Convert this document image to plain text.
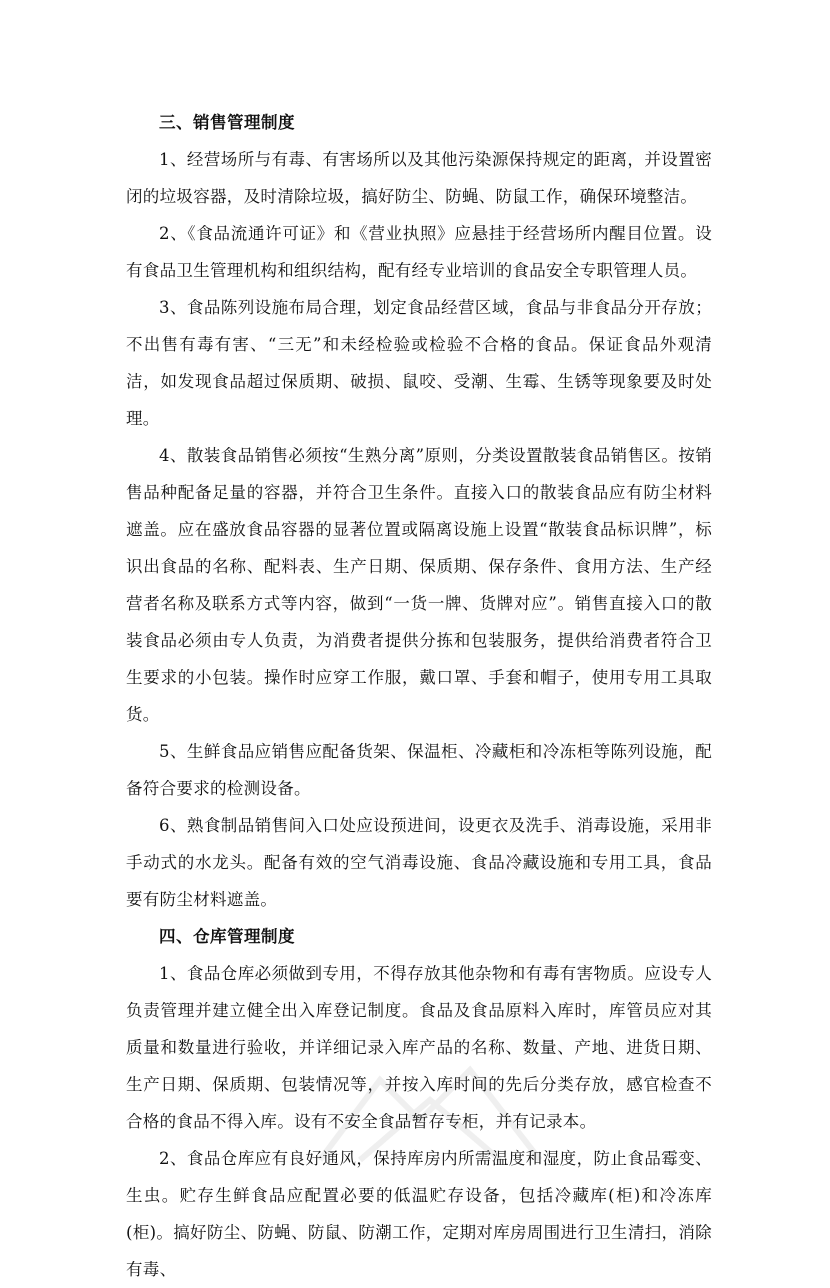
三、销售管理制度

1、经营场所与有毒、有害场所以及其他污染源保持规定的距离，并设置密闭的垃圾容器，及时清除垃圾，搞好防尘、防蝇、防鼠工作，确保环境整洁。

2、《食品流通许可证》和《营业执照》应悬挂于经营场所内醒目位置。设有食品卫生管理机构和组织结构，配有经专业培训的食品安全专职管理人员。

3、食品陈列设施布局合理，划定食品经营区域，食品与非食品分开存放；不出售有毒有害、“三无”和未经检验或检验不合格的食品。保证食品外观清洁，如发现食品超过保质期、破损、鼠咬、受潮、生霉、生锈等现象要及时处理。

4、散装食品销售必须按“生熟分离”原则，分类设置散装食品销售区。按销售品种配备足量的容器，并符合卫生条件。直接入口的散装食品应有防尘材料遮盖。应在盛放食品容器的显著位置或隔离设施上设置“散装食品标识牌”，标识出食品的名称、配料表、生产日期、保质期、保存条件、食用方法、生产经营者名称及联系方式等内容，做到“一货一牌、货牌对应”。销售直接入口的散装食品必须由专人负责，为消费者提供分拣和包装服务，提供给消费者符合卫生要求的小包装。操作时应穿工作服，戴口罩、手套和帽子，使用专用工具取货。

5、生鲜食品应销售应配备货架、保温柜、冷藏柜和冷冻柜等陈列设施，配备符合要求的检测设备。

6、熟食制品销售间入口处应设预进间，设更衣及洗手、消毒设施，采用非手动式的水龙头。配备有效的空气消毒设施、食品冷藏设施和专用工具，食品要有防尘材料遮盖。

四、仓库管理制度

1、食品仓库必须做到专用，不得存放其他杂物和有毒有害物质。应设专人负责管理并建立健全出入库登记制度。食品及食品原料入库时，库管员应对其质量和数量进行验收，并详细记录入库产品的名称、数量、产地、进货日期、生产日期、保质期、包装情况等，并按入库时间的先后分类存放，感官检查不合格的食品不得入库。设有不安全食品暂存专柜，并有记录本。

2、食品仓库应有良好通风，保持库房内所需温度和湿度，防止食品霉变、生虫。贮存生鲜食品应配置必要的低温贮存设备，包括冷藏库(柜)和冷冻库(柜)。搞好防尘、防蝇、防鼠、防潮工作，定期对库房周围进行卫生清扫，消除有毒、
